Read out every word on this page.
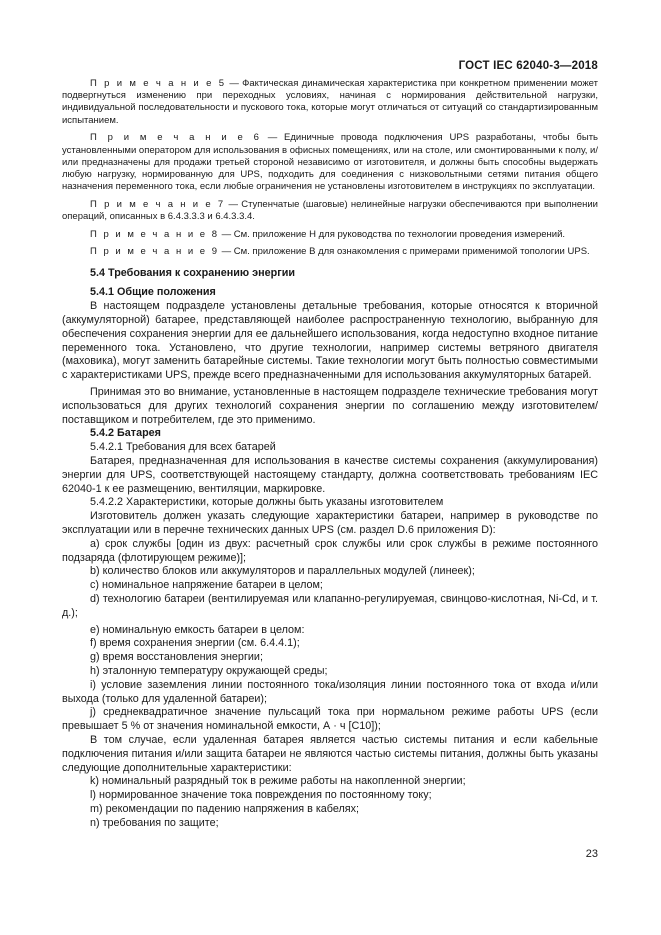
ГОСТ IEC 62040-3—2018

П р и м е ч а н и е 5 — Фактическая динамическая характеристика при конкретном применении может подвергнуться изменению при переходных условиях, начиная с нормирования действительной нагрузки, индивидуальной последовательности и пускового тока, которые могут отличаться от ситуаций со стандартизированным испытанием.

П р и м е ч а н и е 6 — Единичные провода подключения UPS разработаны, чтобы быть установленными оператором для использования в офисных помещениях, или на столе, или смонтированными к полу, и/или предназначены для продажи третьей стороной независимо от изготовителя, и должны быть способны выдержать любую нагрузку, нормированную для UPS, подходить для соединения с низковольтными сетями питания общего назначения переменного тока, если любые ограничения не установлены изготовителем в инструкциях по эксплуатации.

П р и м е ч а н и е 7 — Ступенчатые (шаговые) нелинейные нагрузки обеспечиваются при выполнении операций, описанных в 6.4.3.3.3 и 6.4.3.3.4.

П р и м е ч а н и е 8 — См. приложение Н для руководства по технологии проведения измерений.

П р и м е ч а н и е 9 — См. приложение В для ознакомления с примерами применимой топологии UPS.

5.4 Требования к сохранению энергии

5.4.1 Общие положения

В настоящем подразделе установлены детальные требования, которые относятся к вторичной (аккумуляторной) батарее, представляющей наиболее распространенную технологию, выбранную для обеспечения сохранения энергии для ее дальнейшего использования, когда недоступно входное питание переменного тока. Установлено, что другие технологии, например системы ветряного двигателя (маховика), могут заменить батарейные системы. Такие технологии могут быть полностью совместимыми с характеристиками UPS, прежде всего предназначенными для использования аккумуляторных батарей.

Принимая это во внимание, установленные в настоящем подразделе технические требования могут использоваться для других технологий сохранения энергии по соглашению между изготовителем/поставщиком и потребителем, где это применимо.

5.4.2 Батарея

5.4.2.1 Требования для всех батарей

Батарея, предназначенная для использования в качестве системы сохранения (аккумулирования) энергии для UPS, соответствующей настоящему стандарту, должна соответствовать требованиям IEC 62040-1 к ее размещению, вентиляции, маркировке.

5.4.2.2 Характеристики, которые должны быть указаны изготовителем

Изготовитель должен указать следующие характеристики батареи, например в руководстве по эксплуатации или в перечне технических данных UPS (см. раздел D.6 приложения D):

a) срок службы [один из двух: расчетный срок службы или срок службы в режиме постоянного подзаряда (флотирующем режиме)];

b) количество блоков или аккумуляторов и параллельных модулей (линеек);

c) номинальное напряжение батареи в целом;

d) технологию батареи (вентилируемая или клапанно-регулируемая, свинцово-кислотная, Ni-Cd, и т. д.);

e) номинальную емкость батареи в целом:

f) время сохранения энергии (см. 6.4.4.1);

g) время восстановления энергии;

h) эталонную температуру окружающей среды;

i) условие заземления линии постоянного тока/изоляция линии постоянного тока от входа и/или выхода (только для удаленной батареи);

j) среднеквадратичное значение пульсаций тока при нормальном режиме работы UPS (если превышает 5 % от значения номинальной емкости, А · ч [C10]);

В том случае, если удаленная батарея является частью системы питания и если кабельные подключения питания и/или защита батареи не являются частью системы питания, должны быть указаны следующие дополнительные характеристики:

k) номинальный разрядный ток в режиме работы на накопленной энергии;

l) нормированное значение тока повреждения по постоянному току;

m) рекомендации по падению напряжения в кабелях;

n) требования по защите;

23
